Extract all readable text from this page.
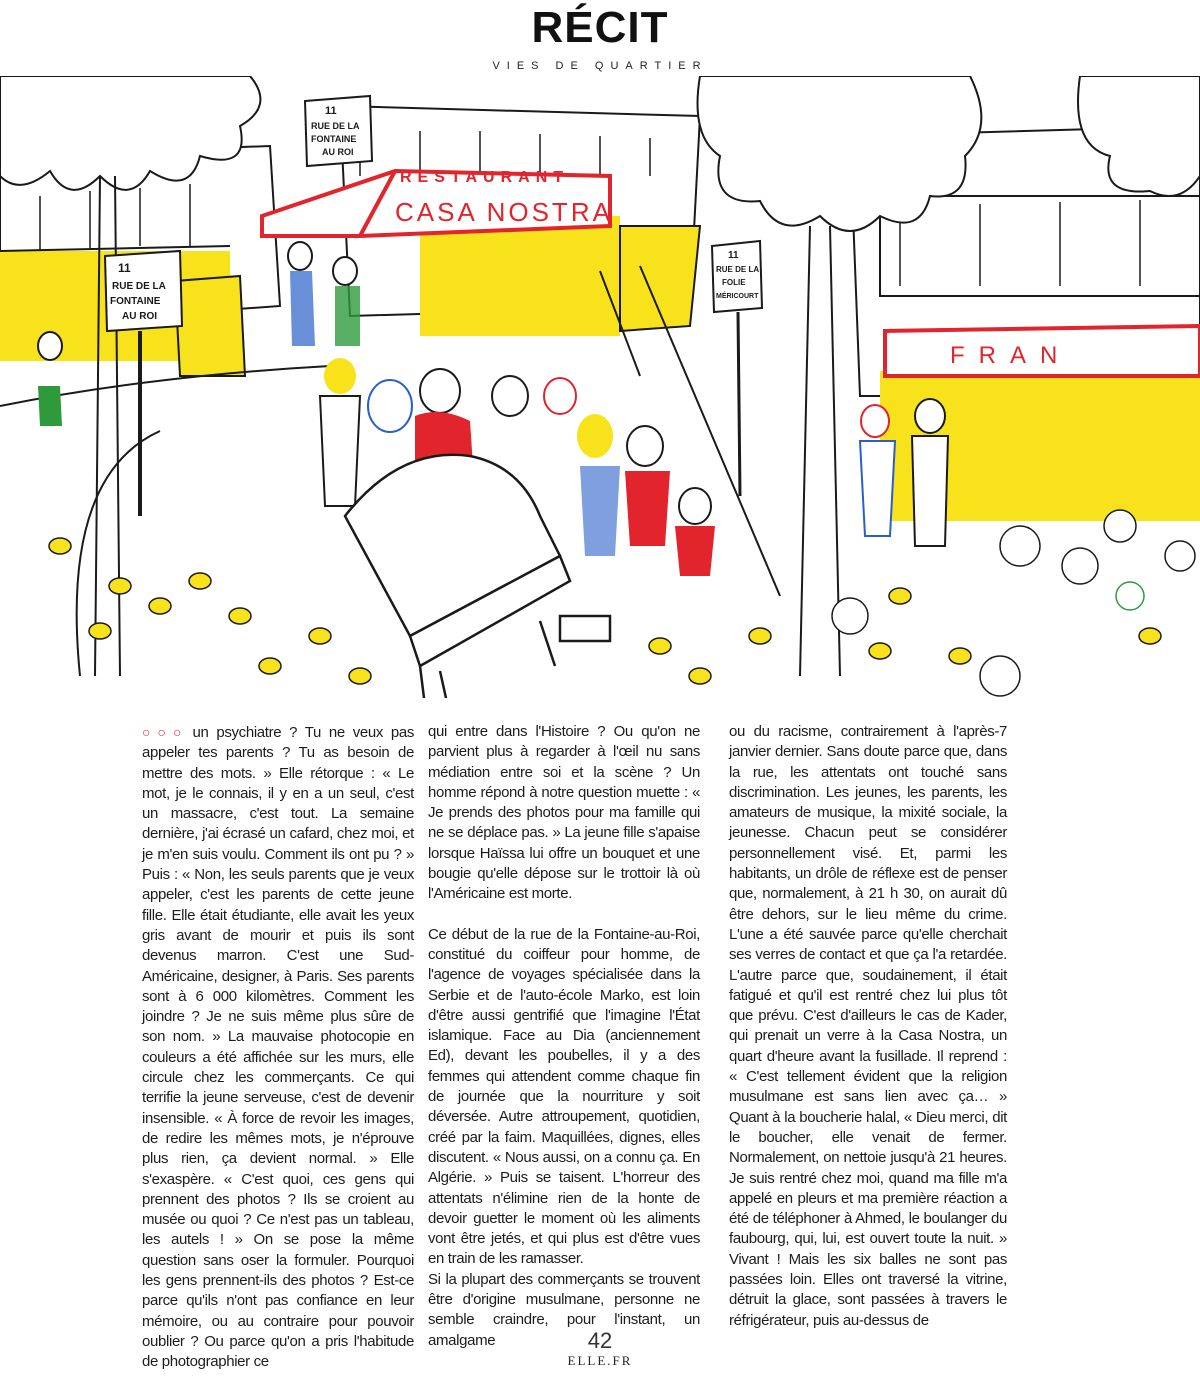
RÉCIT
VIES DE QUARTIER
RESTAURANT
CASA NOSTRA
FRAN
11
RUE DE LA
FONTAINE
AU ROI
11
RUE DE LA
FONTAINE
AU ROI
11
RUE DE LA
FOLIE
MÉRICOURT

○○○ un psychiatre ? Tu ne veux pas appeler tes parents ? Tu as besoin de mettre des mots. » Elle rétorque : « Le mot, je le connais, il y en a un seul, c'est un massacre, c'est tout. La semaine dernière, j'ai écrasé un cafard, chez moi, et je m'en suis voulu. Comment ils ont pu ? » Puis : « Non, les seuls parents que je veux appeler, c'est les parents de cette jeune fille. Elle était étudiante, elle avait les yeux gris avant de mourir et puis ils sont devenus marron. C'est une Sud-Américaine, designer, à Paris. Ses parents sont à 6 000 kilomètres. Comment les joindre ? Je ne suis même plus sûre de son nom. » La mauvaise photocopie en couleurs a été affichée sur les murs, elle circule chez les commerçants. Ce qui terrifie la jeune serveuse, c'est de devenir insensible. « À force de revoir les images, de redire les mêmes mots, je n'éprouve plus rien, ça devient normal. » Elle s'exaspère. « C'est quoi, ces gens qui prennent des photos ? Ils se croient au musée ou quoi ? Ce n'est pas un tableau, les autels ! » On se pose la même question sans oser la formuler. Pourquoi les gens prennent-ils des photos ? Est-ce parce qu'ils n'ont pas confiance en leur mémoire, ou au contraire pour pouvoir oublier ? Ou parce qu'on a pris l'habitude de photographier ce

qui entre dans l'Histoire ? Ou qu'on ne parvient plus à regarder à l'œil nu sans médiation entre soi et la scène ? Un homme répond à notre question muette : « Je prends des photos pour ma famille qui ne se déplace pas. » La jeune fille s'apaise lorsque Haïssa lui offre un bouquet et une bougie qu'elle dépose sur le trottoir là où l'Américaine est morte.

Ce début de la rue de la Fontaine-au-Roi, constitué du coiffeur pour homme, de l'agence de voyages spécialisée dans la Serbie et de l'auto-école Marko, est loin d'être aussi gentrifié que l'imagine l'État islamique. Face au Dia (anciennement Ed), devant les poubelles, il y a des femmes qui attendent comme chaque fin de journée que la nourriture y soit déversée. Autre attroupement, quotidien, créé par la faim. Maquillées, dignes, elles discutent. « Nous aussi, on a connu ça. En Algérie. » Puis se taisent. L'horreur des attentats n'élimine rien de la honte de devoir guetter le moment où les aliments vont être jetés, et qui plus est d'être vues en train de les ramasser.

Si la plupart des commerçants se trouvent être d'origine musulmane, personne ne semble craindre, pour l'instant, un amalgame

ou du racisme, contrairement à l'après-7 janvier dernier. Sans doute parce que, dans la rue, les attentats ont touché sans discrimination. Les jeunes, les parents, les amateurs de musique, la mixité sociale, la jeunesse. Chacun peut se considérer personnellement visé. Et, parmi les habitants, un drôle de réflexe est de penser que, normalement, à 21 h 30, on aurait dû être dehors, sur le lieu même du crime. L'une a été sauvée parce qu'elle cherchait ses verres de contact et que ça l'a retardée. L'autre parce que, soudainement, il était fatigué et qu'il est rentré chez lui plus tôt que prévu. C'est d'ailleurs le cas de Kader, qui prenait un verre à la Casa Nostra, un quart d'heure avant la fusillade. Il reprend : « C'est tellement évident que la religion musulmane est sans lien avec ça… » Quant à la boucherie halal, « Dieu merci, dit le boucher, elle venait de fermer. Normalement, on nettoie jusqu'à 21 heures. Je suis rentré chez moi, quand ma fille m'a appelé en pleurs et ma première réaction a été de téléphoner à Ahmed, le boulanger du faubourg, qui, lui, est ouvert toute la nuit. » Vivant ! Mais les six balles ne sont pas passées loin. Elles ont traversé la vitrine, détruit la glace, sont passées à travers le réfrigérateur, puis au-dessus de

42
ELLE.FR
